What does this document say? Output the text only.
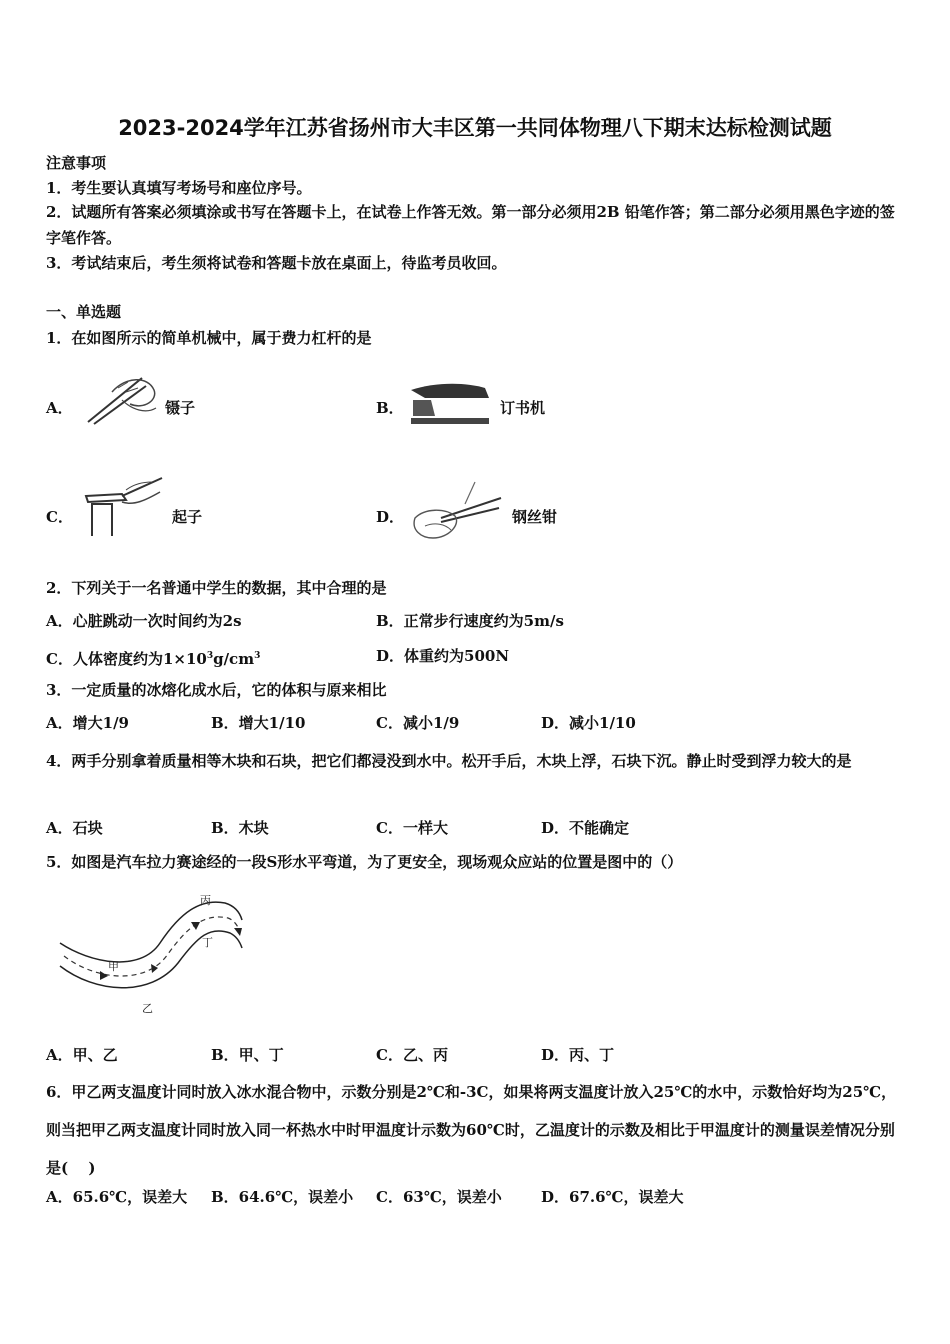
2023-2024学年江苏省扬州市大丰区第一共同体物理八下期末达标检测试题
注意事项
1．考生要认真填写考场号和座位序号。
2．试题所有答案必须填涂或书写在答题卡上，在试卷上作答无效。第一部分必须用2B 铅笔作答；第二部分必须用黑色字迹的签字笔作答。
3．考试结束后，考生须将试卷和答题卡放在桌面上，待监考员收回。
一、单选题
1．在如图所示的简单机械中，属于费力杠杆的是
A．	镊子	B．	订书机
C．	起子	D．	钢丝钳
2．下列关于一名普通中学生的数据，其中合理的是
A．心脏跳动一次时间约为2s	B．正常步行速度约为5m/s
C．人体密度约为$1\times 10^3g/cm^3$	D．体重约为500N
3．一定质量的冰熔化成水后，它的体积与原来相比
A．增大1/9	B．增大1/10	C．减小1/9	D．减小1/10
4．两手分别拿着质量相等木块和石块，把它们都浸没到水中。松开手后，木块上浮，石块下沉。静止时受到浮力较大的是
A．石块	B．木块	C．一样大	D．不能确定
5．如图是汽车拉力赛途经的一段S形水平弯道，为了更安全，现场观众应站的位置是图中的（）
甲
乙
丙
丁
A．甲、乙	B．甲、丁	C．乙、丙	D．丙、丁
6．甲乙两支温度计同时放入冰水混合物中，示数分别是2℃和-3C，如果将两支温度计放入25℃的水中，示数恰好均为25℃，则当把甲乙两支温度计同时放入同一杯热水中时甲温度计示数为60℃时，乙温度计的示数及相比于甲温度计的测量误差情况分别是(　 )
A．65.6℃，误差大 B．64.6℃，误差小 C．63℃，误差小	D．67.6℃，误差大
